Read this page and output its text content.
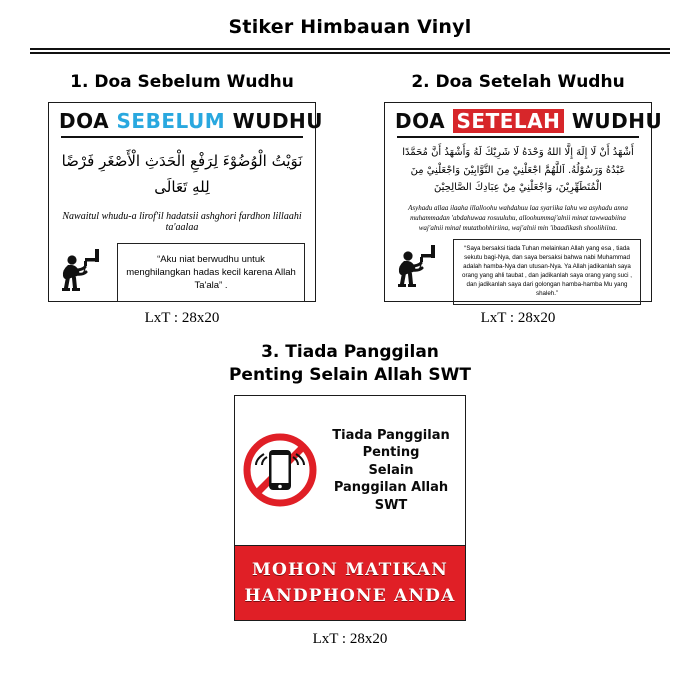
Stiker Himbauan Vinyl
1. Doa Sebelum Wudhu
DOA SEBELUM WUDHU
نَوَيْتُ الْوُضُوْءَ لِرَفْعِ الْحَدَثِ الْأَصْغَرِ فَرْضًا لِلهِ تَعَالَى
Nawaitul whudu-a lirof'il hadatsii ashghori fardhon lillaahi ta'aalaa
“Aku niat berwudhu untuk menghilangkan hadas kecil karena Allah Ta'ala” .
LxT : 28x20
2. Doa Setelah Wudhu
DOA SETELAH WUDHU
أَشْهَدُ أَنْ لَا إِلَهَ إِلَّا اللهُ وَحْدَهُ لَا شَرِيْكَ لَهُ وَأَشْهَدُ أَنَّ مُحَمَّدًا عَبْدُهُ وَرَسُوْلُهُ. اَللَّهُمَّ اجْعَلْنِيْ مِنَ التَّوَّابِيْنَ وَاجْعَلْنِيْ مِنَ الْمُتَطَهِّرِيْنَ، وَاجْعَلْنِيْ مِنْ عِبَادِكَ الصَّالِحِيْنَ
Asyhadu allaa ilaaha illalloohu wahdahuu laa syariika lahu wa asyhadu anna muhammadan 'abdahuwaa rosuuluhu, alloohummaj'alnii minat tawwaabiina waj'alnii minal mutathohhiriina, waj'alnii min 'ibaadikash shoolihiina.
“Saya bersaksi tiada Tuhan melainkan Allah yang esa , tiada sekutu bagi-Nya, dan saya bersaksi bahwa nabi Muhammad adalah hamba-Nya dan utusan-Nya. Ya Allah jadikanlah saya orang yang ahli taubat , dan jadikanlah saya orang yang suci , dan jadikanlah saya dari golongan hamba-hamba Mu yang shaleh.”
LxT : 28x20
3. Tiada Panggilan
Penting Selain Allah SWT
Tiada Panggilan Penting
Selain
Panggilan Allah SWT
MOHON MATIKAN
HANDPHONE ANDA
LxT : 28x20
